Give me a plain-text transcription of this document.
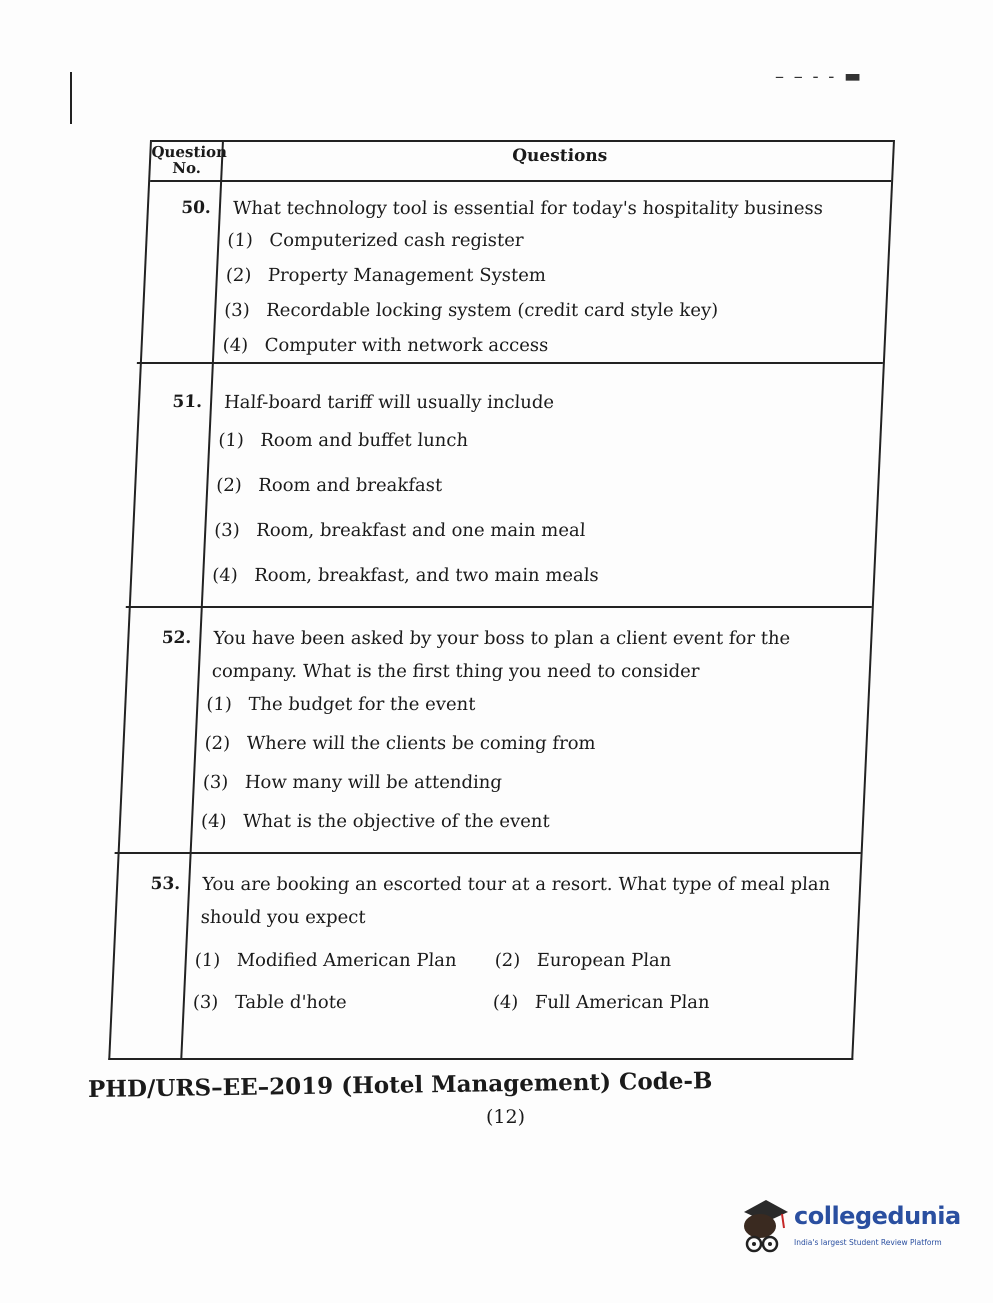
– – - - ▬
Question No.
Questions
50. What technology tool is essential for today's hospitality business
(1) Computerized cash register
(2) Property Management System
(3) Recordable locking system (credit card style key)
(4) Computer with network access
51. Half-board tariff will usually include
(1) Room and buffet lunch
(2) Room and breakfast
(3) Room, breakfast and one main meal
(4) Room, breakfast, and two main meals
52. You have been asked by your boss to plan a client event for the company. What is the first thing you need to consider
(1) The budget for the event
(2) Where will the clients be coming from
(3) How many will be attending
(4) What is the objective of the event
53. You are booking an escorted tour at a resort. What type of meal plan should you expect
(1) Modified American Plan (2) European Plan
(3) Table d'hote	(4) Full American Plan
PHD/URS–EE–2019 (Hotel Management) Code-B
(12)
collegedunia
India's largest Student Review Platform
